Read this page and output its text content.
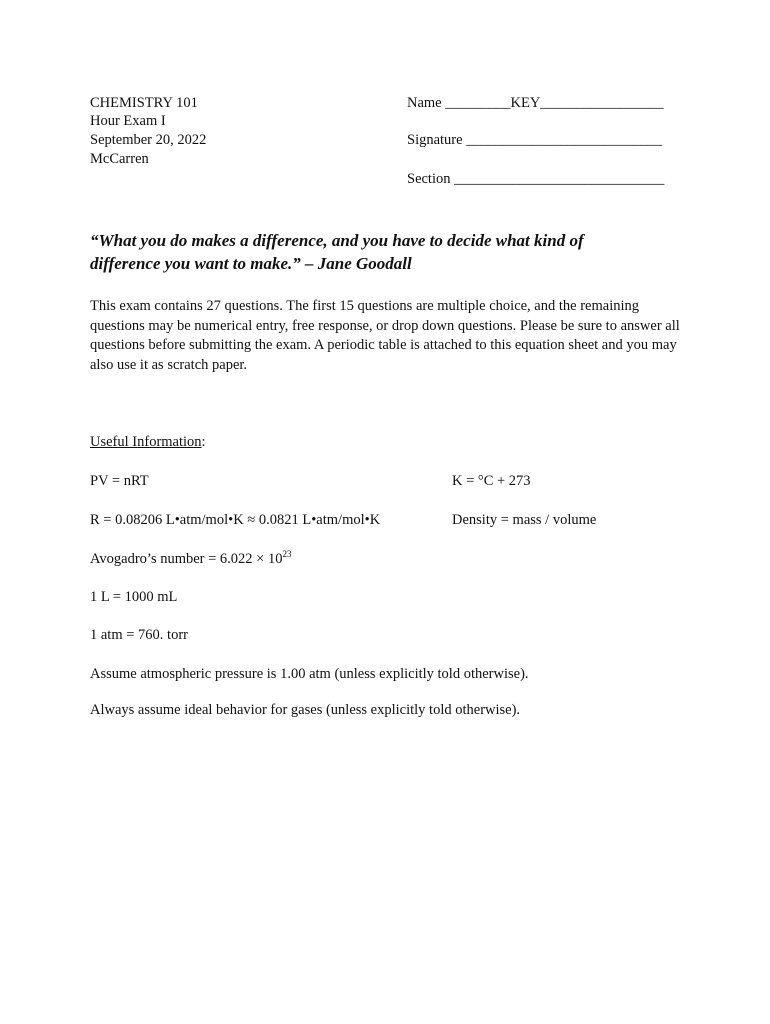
CHEMISTRY 101
Hour Exam I
September 20, 2022
McCarren
Name _________KEY_________________
Signature ___________________________
Section _____________________________
“What you do makes a difference, and you have to decide what kind of
difference you want to make.” – Jane Goodall
This exam contains 27 questions. The first 15 questions are multiple choice, and the remaining questions may be numerical entry, free response, or drop down questions. Please be sure to answer all questions before submitting the exam. A periodic table is attached to this equation sheet and you may also use it as scratch paper.
Useful Information:
PV = nRT	K = °C + 273
R = 0.08206 L•atm/mol•K ≈ 0.0821 L•atm/mol•K	Density = mass / volume
Avogadro’s number = $6.022 \times 10^{23}$
1 L = 1000 mL
1 atm = 760. torr
Assume atmospheric pressure is 1.00 atm (unless explicitly told otherwise).
Always assume ideal behavior for gases (unless explicitly told otherwise).
